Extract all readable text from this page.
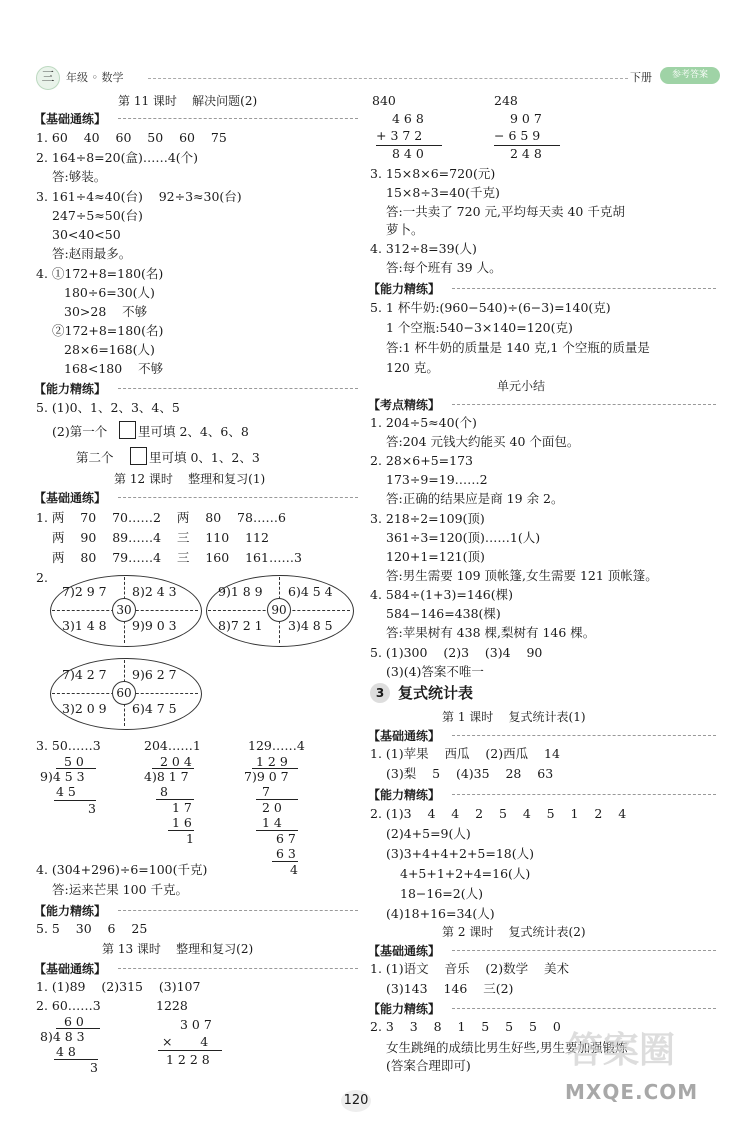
三	年级 ◦ 数学	下册	参考答案
第 11 课时    解决问题(2)
【基础通练】
1. 60    40    60    50    60    75
2. 164÷8=20(盒)……4(个)
答:够装。
3. 161÷4≈40(台)    92÷3≈30(台)
247÷5≈50(台)
30<40<50
答:赵雨最多。
4. ①172+8=180(名)
180÷6=30(人)
30>28    不够
②172+8=180(名)
28×6=168(人)
168<180    不够
【能力精练】
5. (1)0、1、2、3、4、5
(2)第一个 里可填 2、4、6、8
第二个	里可填 0、1、2、3
第 12 课时    整理和复习(1)
【基础通练】
1. 两    70    70……2    两    80    78……6
两    90    89……4    三    110    112
两    80    79……4    三    160    161……3
2.
7)2 9 7 8)2 4 3
3)1 4 8 9)9 0 3
30
9)1 8 9 6)4 5 4
8)7 2 1 3)4 8 5
90
7)4 2 7 9)6 2 7
3)2 0 9 6)4 7 5
60
3. 50……3	204……1	129……4
5 0
9)4 5 3
4 5
3
2 0 4
4)8 1 7
8
1 7
1 6
1
1 2 9
7)9 0 7
7
2 0
1 4
6 7
6 3
4
4. (304+296)÷6=100(千克)
答:运来芒果 100 千克。
【能力精练】
5. 5    30    6    25
第 13 课时    整理和复习(2)
【基础通练】
1. (1)89    (2)315    (3)107
2. 60……3	1228
6 0
8)4 8 3
4 8
3
3 0 7
×       4
1 2 2 8
840	248
4 6 8
+ 3 7 2
8 4 0
9 0 7
− 6 5 9
2 4 8
3. 15×8×6=720(元)
15×8÷3=40(千克)
答:一共卖了 720 元,平均每天卖 40 千克胡
萝卜。
4. 312÷8=39(人)
答:每个班有 39 人。
【能力精练】
5. 1 杯牛奶:(960−540)÷(6−3)=140(克)
1 个空瓶:540−3×140=120(克)
答:1 杯牛奶的质量是 140 克,1 个空瓶的质量是
120 克。
单元小结
【考点精练】
1. 204÷5≈40(个)
答:204 元钱大约能买 40 个面包。
2. 28×6+5=173
173÷9=19……2
答:正确的结果应是商 19 余 2。
3. 218÷2=109(顶)
361÷3=120(顶)……1(人)
120+1=121(顶)
答:男生需要 109 顶帐篷,女生需要 121 顶帐篷。
4. 584÷(1+3)=146(棵)
584−146=438(棵)
答:苹果树有 438 棵,梨树有 146 棵。
5. (1)300    (2)3    (3)4    90
(3)(4)答案不唯一
3 复式统计表
第 1 课时    复式统计表(1)
【基础通练】
1. (1)苹果    西瓜    (2)西瓜    14
(3)梨    5    (4)35    28    63
【能力精练】
2. (1)3    4    4    2    5    4    5    1    2    4
(2)4+5=9(人)
(3)3+4+4+2+5=18(人)
4+5+1+2+4=16(人)
18−16=2(人)
(4)18+16=34(人)
第 2 课时    复式统计表(2)
【基础通练】
1. (1)语文    音乐    (2)数学    美术
(3)143    146    三(2)
【能力精练】
2. 3    3    8    1    5    5    5    0
女生跳绳的成绩比男生好些,男生要加强锻炼
(答案合理即可)
120
答案圈
MXQE.COM
